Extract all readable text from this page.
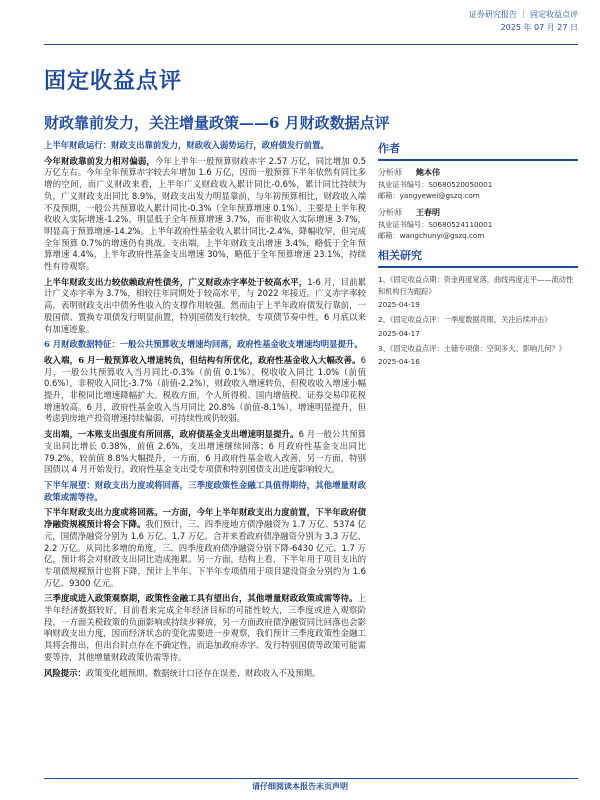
证券研究报告 ｜ 固定收益点评
2025 年 07 月 27 日
固定收益点评
财政靠前发力，关注增量政策——6 月财政数据点评

上半年财政运行：财政支出靠前发力，财政收入弱势运行，政府债发行前置。

今年财政靠前发力相对偏弱，今年上半年一般预算财政赤字 2.57 万亿，同比增加 0.5 万亿左右。今年全年预算赤字较去年增加 1.6 万亿，因而一般预算下半年依然有同比多增的空间，而广义财政来看，上半年广义财政收入累计同比-0.6%，累计同比持续为负，广义财政支出同比 8.9%，财政支出发力明显靠前，与年初预算相比，财政收入端不及预期，一般公共预算收入累计同比-0.3%（全年预算增速 0.1%），主要是上半年税收收入实际增速-1.2%，明显低于全年预算增速 3.7%，而非税收入实际增速 3.7%，明显高于预算增速-14.2%。上半年政府性基金收入累计同比-2.4%，降幅收窄，但完成全年预算 0.7%的增速仍有挑战。支出端，上半年财政支出增速 3.4%，略低于全年预算增速 4.4%，上半年政府性基金支出增速 30%，略低于全年预算增速 23.1%，持续性有待观察。

上半年财政支出力较依赖政府性债务，广义财政赤字率处于较高水平，1-6 月，目前累计广义赤字率为 3.7%，相较往年同期处于较高水平，与 2022 年接近。广义赤字率较高，表明财政支出中债务性收入的支撑作用较强。然而由于上半年政府债发行靠前，一般国债、置换专项债发行明显前置，特别国债发行较快，专项债节奏中性，6 月底以来有加速迹象。

6 月财政数据特征：一般公共预算收支增速均回落，政府性基金收支增速均明显提升。

收入端，6 月一般预算收入增速转负，但结构有所优化，政府性基金收入大幅改善。6 月，一般公共预算收入当月同比-0.3%（前值 0.1%），税收收入同比 1.0%（前值 0.6%），非税收入同比-3.7%（前值-2.2%），财政收入增速转负，但税收收入增速小幅提升，非税同比增速降幅扩大。税收方面，个人所得税、国内增值税、证券交易印花税增速较高。6 月，政府性基金收入当月同比 20.8%（前值-8.1%），增速明显提升，但考虑到房地产投资增速持续偏弱，可持续性或仍较弱。

支出端，一本账支出强度有所回落，政府债基金支出增速明显提升。6 月一般公共预算支出同比增长 0.38%，前值 2.6%，支出增速继续回落；6 月政府性基金支出同比 79.2%，较前值 8.8%大幅提升，一方面，6 月政府性基金收入改善，另一方面，特别国债以 4 月开始发行，政府性基金支出受专项债和特别国债支出进度影响较大。

下半年展望：财政支出力度或将回落，三季度政策性金融工具值得期待，其他增量财政政策或需等待。

下半年财政支出力度或将回落。一方面，今年上半年财政支出力度前置，下半年政府债净融资规模预计将会下降。我们预计，三、四季度地方债净融资为 1.7 万亿、5374 亿元，国债净融资分别为 1.6 万亿、1.7 万亿，合并来看政府债净融资分别为 3.3 万亿、2.2 万亿。从同比多增的角度，三、四季度政府债净融资分别下降-6430 亿元、1.7 万亿，预计将会对财政支出同比造成拖累。另一方面，结构上看，下半年用于项目支出的专项债规模预计也将下降，预计上半年、下半年专项债用于项目建设资金分别约为 1.6 万亿、9300 亿元。

三季度或进入政策观察期，政策性金融工具有望出台，其他增量财政政策或需等待。上半年经济数据较好，目前看来完成全年经济目标的可能性较大，三季度或进入观察阶段，一方面关税政策的负面影响或持续步释放，另一方面政府债净融资同比回落也会影响财政支出力度，因而经济状态的变化需要进一步观察，我们预计三季度政策性金融工具将会推出，但出台时点存在不确定性，而追加政府赤字、发行特别国债等政策可能需要等待，其他增量财政政策仍需等待。

风险提示：政策变化超预期、数据统计口径存在误差、财政收入不及预期。

作者
分析师 鲍本伟
执业证书编号：S0680520050001
邮箱：yangyewei@gszq.com
分析师 王春明
执业证书编号：S0680524110001
邮箱：wangchunyi@gszq.com
相关研究
1、《固定收益点期：资金再度宽落，曲线再度走平——流动性和机构行为跟踪》
2025-04-19
2、《固定收益点评：一季度数据亮眼，关注后续冲击》
2025-04-17
3、《固定收益点评：土储专项债：空间多大、影响几何？》
2025-04-16
请仔细阅读本报告末页声明
